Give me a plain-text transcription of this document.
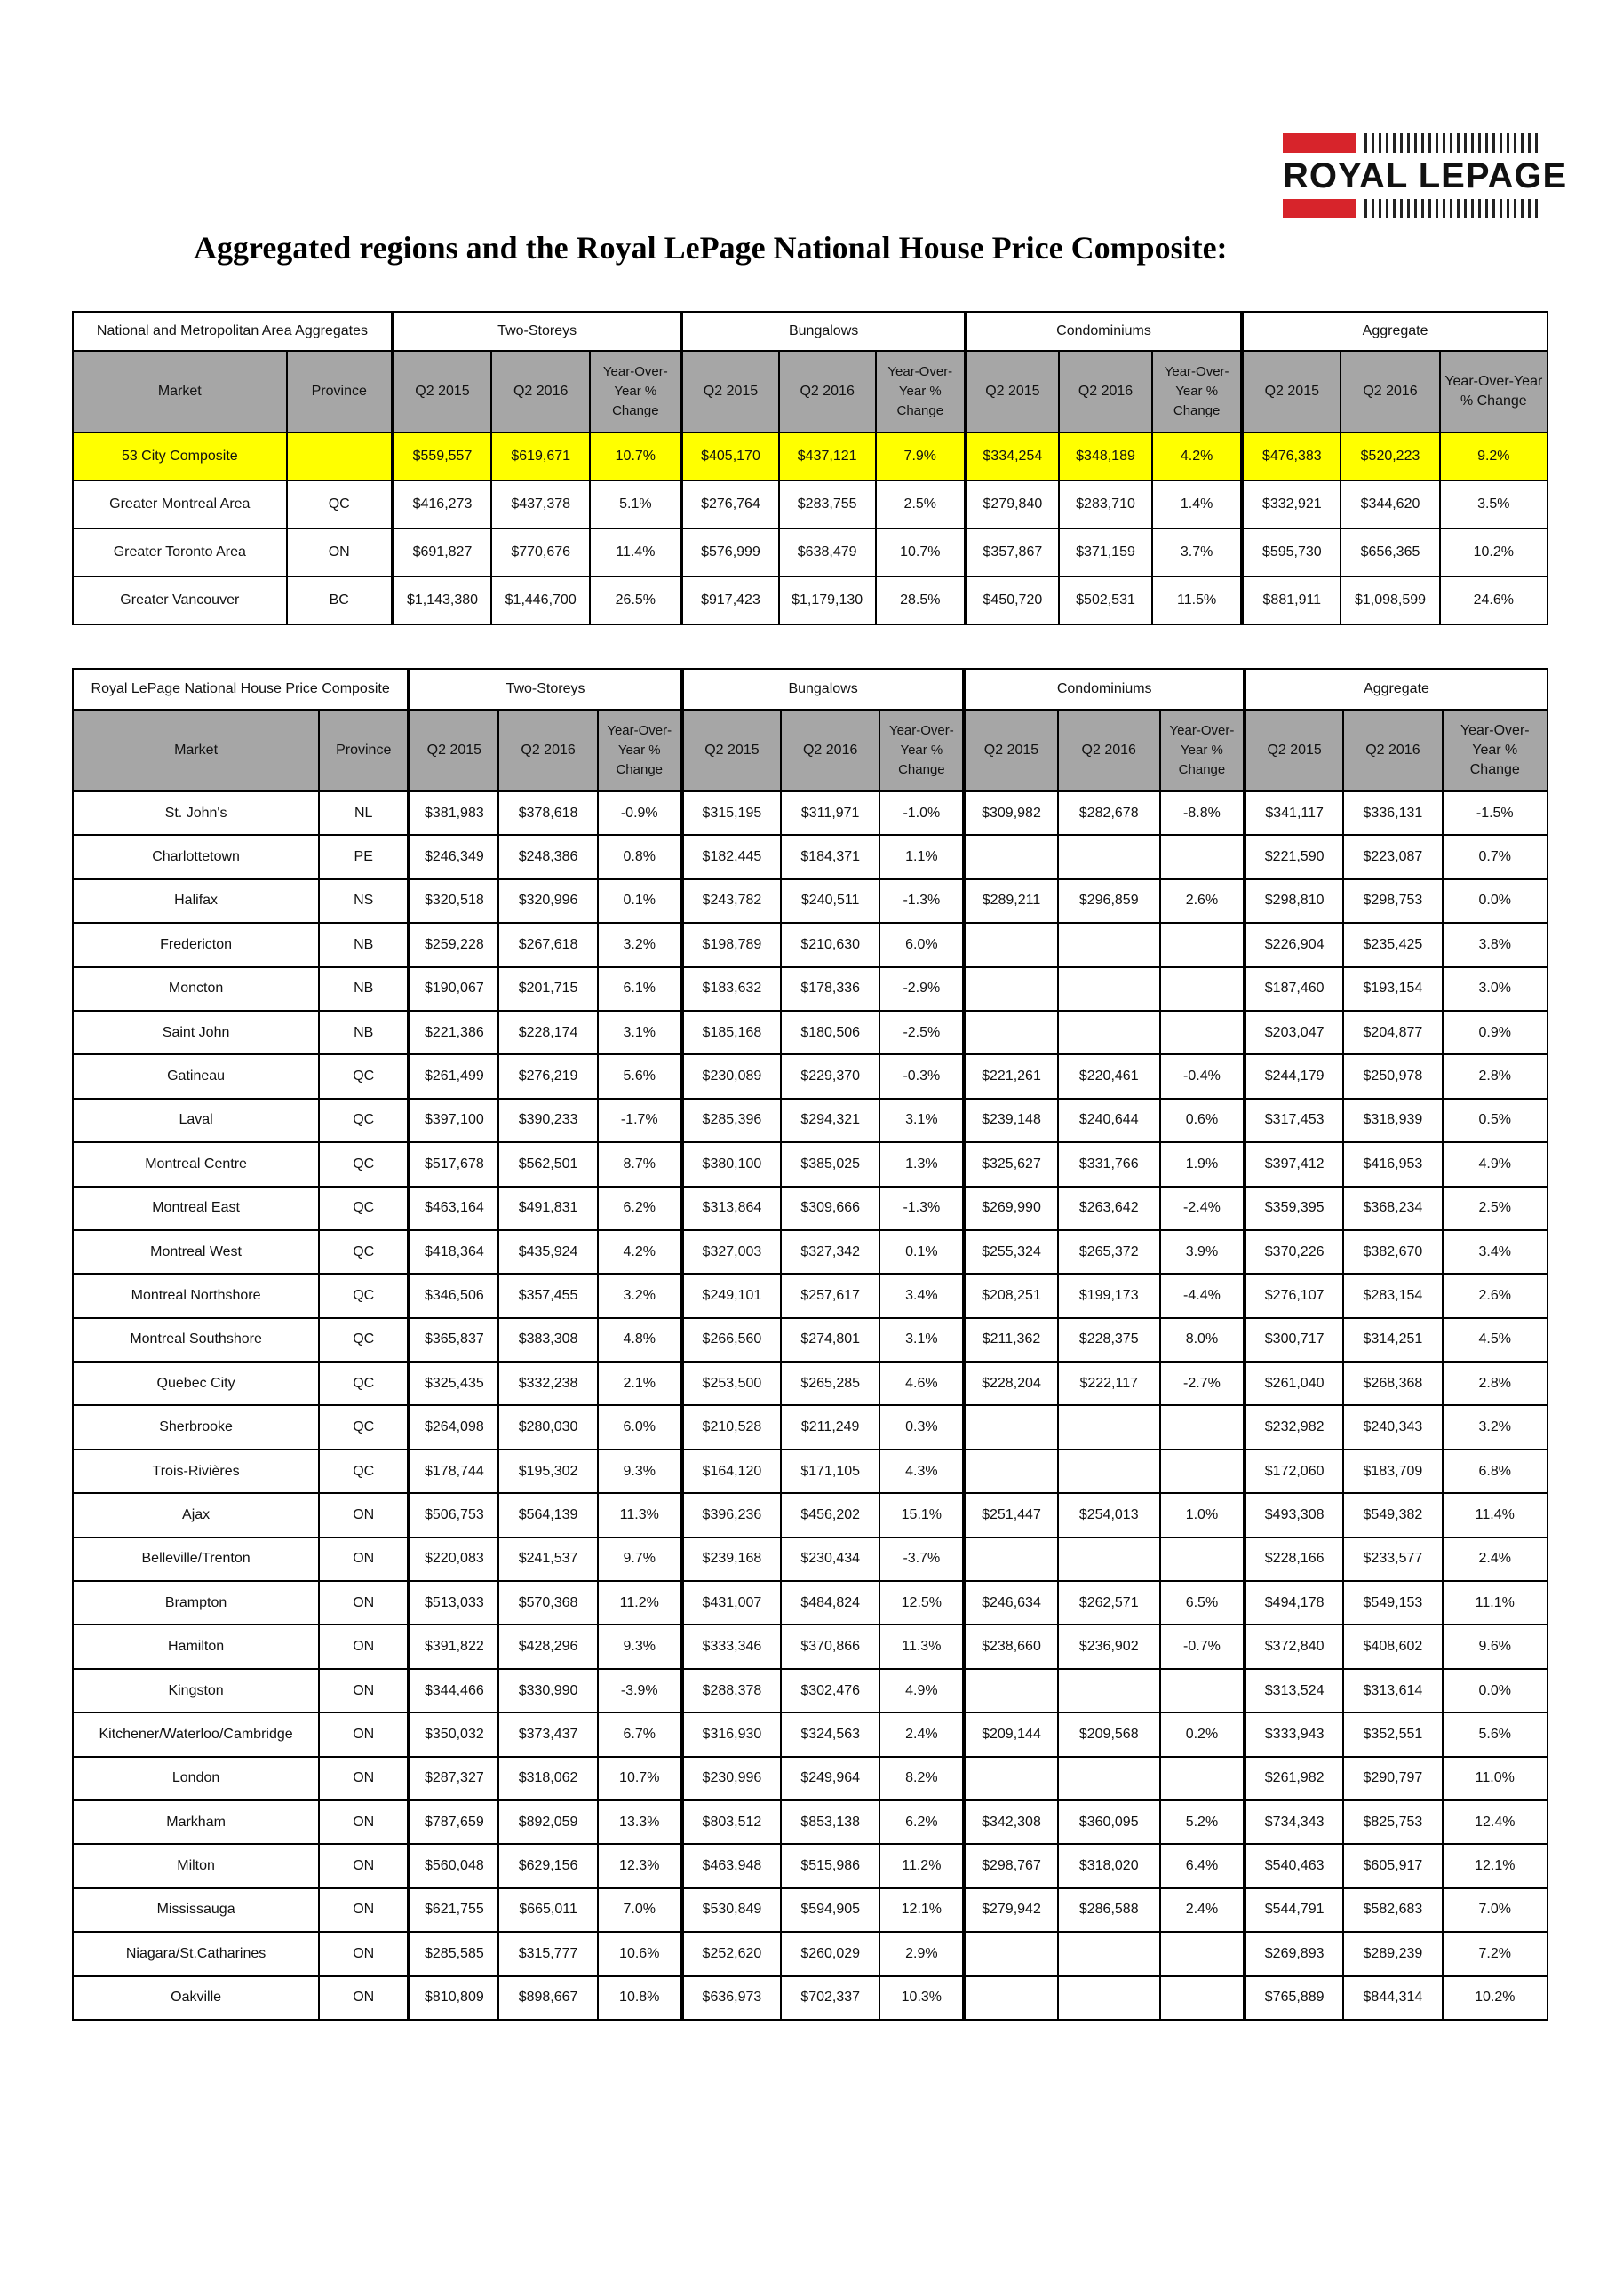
ROYAL LEPAGE
Aggregated regions and the Royal LePage National House Price Composite:
National and Metropolitan Area Aggregates		Two-Storeys			Bungalows			Condominiums			Aggregate		
Market	Province	Q2 2015	Q2 2016	Year-Over-Year % Change	Q2 2015	Q2 2016	Year-Over-Year % Change	Q2 2015	Q2 2016	Year-Over-Year % Change	Q2 2015	Q2 2016	Year-Over-Year % Change
53 City Composite		$559,557	$619,671	10.7%	$405,170	$437,121	7.9%	$334,254	$348,189	4.2%	$476,383	$520,223	9.2%
Greater Montreal Area	QC	$416,273	$437,378	5.1%	$276,764	$283,755	2.5%	$279,840	$283,710	1.4%	$332,921	$344,620	3.5%
Greater Toronto Area	ON	$691,827	$770,676	11.4%	$576,999	$638,479	10.7%	$357,867	$371,159	3.7%	$595,730	$656,365	10.2%
Greater Vancouver	BC	$1,143,380	$1,446,700	26.5%	$917,423	$1,179,130	28.5%	$450,720	$502,531	11.5%	$881,911	$1,098,599	24.6%
Royal LePage National House Price Composite		Two-Storeys			Bungalows			Condominiums			Aggregate		
Market	Province	Q2 2015	Q2 2016	Year-Over-Year % Change	Q2 2015	Q2 2016	Year-Over-Year % Change	Q2 2015	Q2 2016	Year-Over-Year % Change	Q2 2015	Q2 2016	Year-Over-Year % Change
St. John's	NL	$381,983	$378,618	-0.9%	$315,195	$311,971	-1.0%	$309,982	$282,678	-8.8%	$341,117	$336,131	-1.5%
Charlottetown	PE	$246,349	$248,386	0.8%	$182,445	$184,371	1.1%				$221,590	$223,087	0.7%
Halifax	NS	$320,518	$320,996	0.1%	$243,782	$240,511	-1.3%	$289,211	$296,859	2.6%	$298,810	$298,753	0.0%
Fredericton	NB	$259,228	$267,618	3.2%	$198,789	$210,630	6.0%				$226,904	$235,425	3.8%
Moncton	NB	$190,067	$201,715	6.1%	$183,632	$178,336	-2.9%				$187,460	$193,154	3.0%
Saint John	NB	$221,386	$228,174	3.1%	$185,168	$180,506	-2.5%				$203,047	$204,877	0.9%
Gatineau	QC	$261,499	$276,219	5.6%	$230,089	$229,370	-0.3%	$221,261	$220,461	-0.4%	$244,179	$250,978	2.8%
Laval	QC	$397,100	$390,233	-1.7%	$285,396	$294,321	3.1%	$239,148	$240,644	0.6%	$317,453	$318,939	0.5%
Montreal Centre	QC	$517,678	$562,501	8.7%	$380,100	$385,025	1.3%	$325,627	$331,766	1.9%	$397,412	$416,953	4.9%
Montreal East	QC	$463,164	$491,831	6.2%	$313,864	$309,666	-1.3%	$269,990	$263,642	-2.4%	$359,395	$368,234	2.5%
Montreal West	QC	$418,364	$435,924	4.2%	$327,003	$327,342	0.1%	$255,324	$265,372	3.9%	$370,226	$382,670	3.4%
Montreal Northshore	QC	$346,506	$357,455	3.2%	$249,101	$257,617	3.4%	$208,251	$199,173	-4.4%	$276,107	$283,154	2.6%
Montreal Southshore	QC	$365,837	$383,308	4.8%	$266,560	$274,801	3.1%	$211,362	$228,375	8.0%	$300,717	$314,251	4.5%
Quebec City	QC	$325,435	$332,238	2.1%	$253,500	$265,285	4.6%	$228,204	$222,117	-2.7%	$261,040	$268,368	2.8%
Sherbrooke	QC	$264,098	$280,030	6.0%	$210,528	$211,249	0.3%				$232,982	$240,343	3.2%
Trois-Rivières	QC	$178,744	$195,302	9.3%	$164,120	$171,105	4.3%				$172,060	$183,709	6.8%
Ajax	ON	$506,753	$564,139	11.3%	$396,236	$456,202	15.1%	$251,447	$254,013	1.0%	$493,308	$549,382	11.4%
Belleville/Trenton	ON	$220,083	$241,537	9.7%	$239,168	$230,434	-3.7%				$228,166	$233,577	2.4%
Brampton	ON	$513,033	$570,368	11.2%	$431,007	$484,824	12.5%	$246,634	$262,571	6.5%	$494,178	$549,153	11.1%
Hamilton	ON	$391,822	$428,296	9.3%	$333,346	$370,866	11.3%	$238,660	$236,902	-0.7%	$372,840	$408,602	9.6%
Kingston	ON	$344,466	$330,990	-3.9%	$288,378	$302,476	4.9%				$313,524	$313,614	0.0%
Kitchener/Waterloo/Cambridge	ON	$350,032	$373,437	6.7%	$316,930	$324,563	2.4%	$209,144	$209,568	0.2%	$333,943	$352,551	5.6%
London	ON	$287,327	$318,062	10.7%	$230,996	$249,964	8.2%				$261,982	$290,797	11.0%
Markham	ON	$787,659	$892,059	13.3%	$803,512	$853,138	6.2%	$342,308	$360,095	5.2%	$734,343	$825,753	12.4%
Milton	ON	$560,048	$629,156	12.3%	$463,948	$515,986	11.2%	$298,767	$318,020	6.4%	$540,463	$605,917	12.1%
Mississauga	ON	$621,755	$665,011	7.0%	$530,849	$594,905	12.1%	$279,942	$286,588	2.4%	$544,791	$582,683	7.0%
Niagara/St.Catharines	ON	$285,585	$315,777	10.6%	$252,620	$260,029	2.9%				$269,893	$289,239	7.2%
Oakville	ON	$810,809	$898,667	10.8%	$636,973	$702,337	10.3%				$765,889	$844,314	10.2%
